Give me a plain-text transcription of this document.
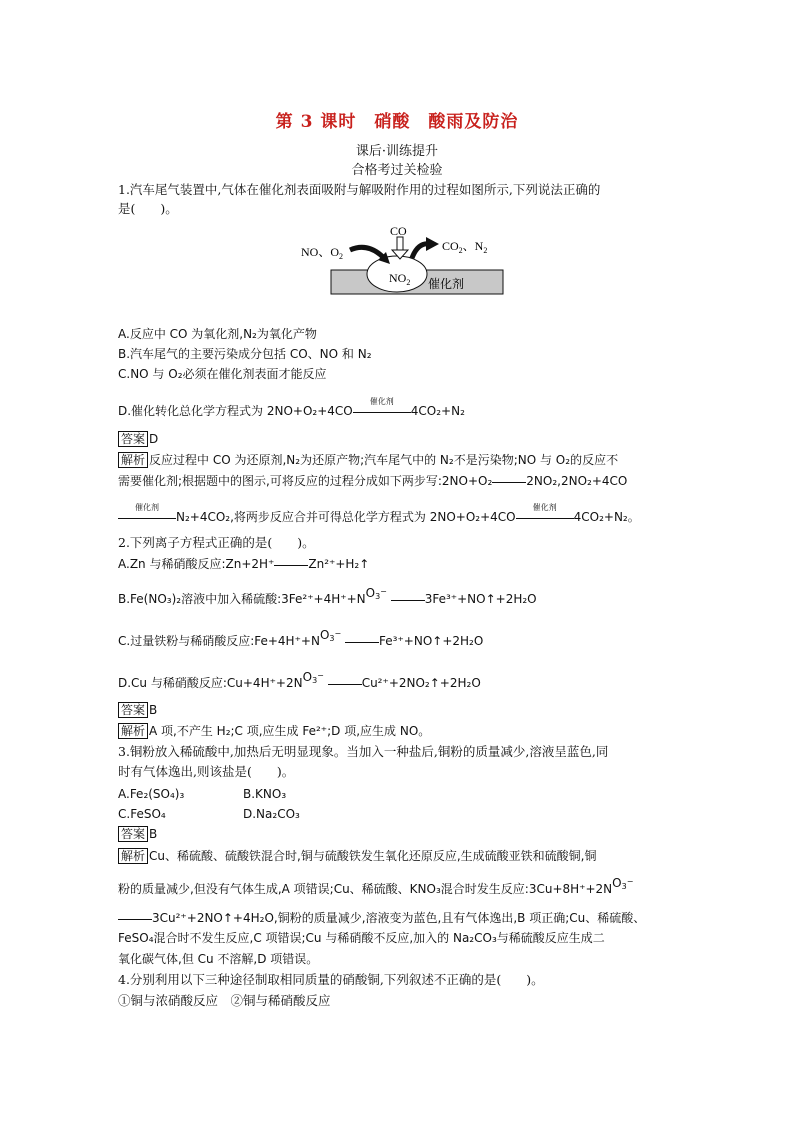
第 3 课时　硝酸　酸雨及防治
课后·训练提升
合格考过关检验
1.汽车尾气装置中,气体在催化剂表面吸附与解吸附作用的过程如图所示,下列说法正确的
是(　　)。
NO、$O_2$
CO
$NO_2$
$CO_2$、$N_2$
催化剂
A.反应中 CO 为氧化剂,N₂为氧化产物
B.汽车尾气的主要污染成分包括 CO、NO 和 N₂
C.NO 与 O₂必须在催化剂表面才能反应
D.催化转化总化学方程式为 2NO+O₂+4CO
催化剂
4CO₂+N₂
答案 D
解析 反应过程中 CO 为还原剂,N₂为还原产物;汽车尾气中的 N₂不是污染物;NO 与 O₂的反应不
需要催化剂;根据题中的图示,可将反应的过程分成如下两步写:2NO+O₂	2NO₂,2NO₂+4CO
催化剂
N₂+4CO₂,将两步反应合并可得总化学方程式为 2NO+O₂+4CO
催化剂
4CO₂+N₂。
2.下列离子方程式正确的是(　　)。
A.Zn 与稀硝酸反应:Zn+2H⁺	Zn²⁺+H₂↑
B.Fe(NO₃)₂溶液中加入稀硫酸$:3Fe^{2+}+4H^++NO_3^-$ 3Fe³⁺+NO↑+2H₂O
C.过量铁粉与稀硝酸反应$:Fe+4H^++NO_3^-$ Fe³⁺+NO↑+2H₂O
D.Cu 与稀硝酸反应$:Cu+4H^++2NO_3^-$ Cu²⁺+2NO₂↑+2H₂O
答案 B
解析 A 项,不产生 H₂;C 项,应生成 Fe²⁺;D 项,应生成 NO。
3.铜粉放入稀硫酸中,加热后无明显现象。当加入一种盐后,铜粉的质量减少,溶液呈蓝色,同
时有气体逸出,则该盐是(　　)。
A.Fe₂(SO₄)₃	B.KNO₃
C.FeSO₄	D.Na₂CO₃
答案 B
解析 Cu、稀硫酸、硫酸铁混合时,铜与硫酸铁发生氧化还原反应,生成硫酸亚铁和硫酸铜,铜
粉的质量减少,但没有气体生成,A 项错误;Cu、稀硫酸、KNO₃混合时发生反应$:3Cu+8H^++2NO_3^-$
3Cu²⁺+2NO↑+4H₂O,铜粉的质量减少,溶液变为蓝色,且有气体逸出,B 项正确;Cu、稀硫酸、
FeSO₄混合时不发生反应,C 项错误;Cu 与稀硝酸不反应,加入的 Na₂CO₃与稀硫酸反应生成二
氧化碳气体,但 Cu 不溶解,D 项错误。
4.分别利用以下三种途径制取相同质量的硝酸铜,下列叙述不正确的是(　　)。
①铜与浓硝酸反应　②铜与稀硝酸反应
